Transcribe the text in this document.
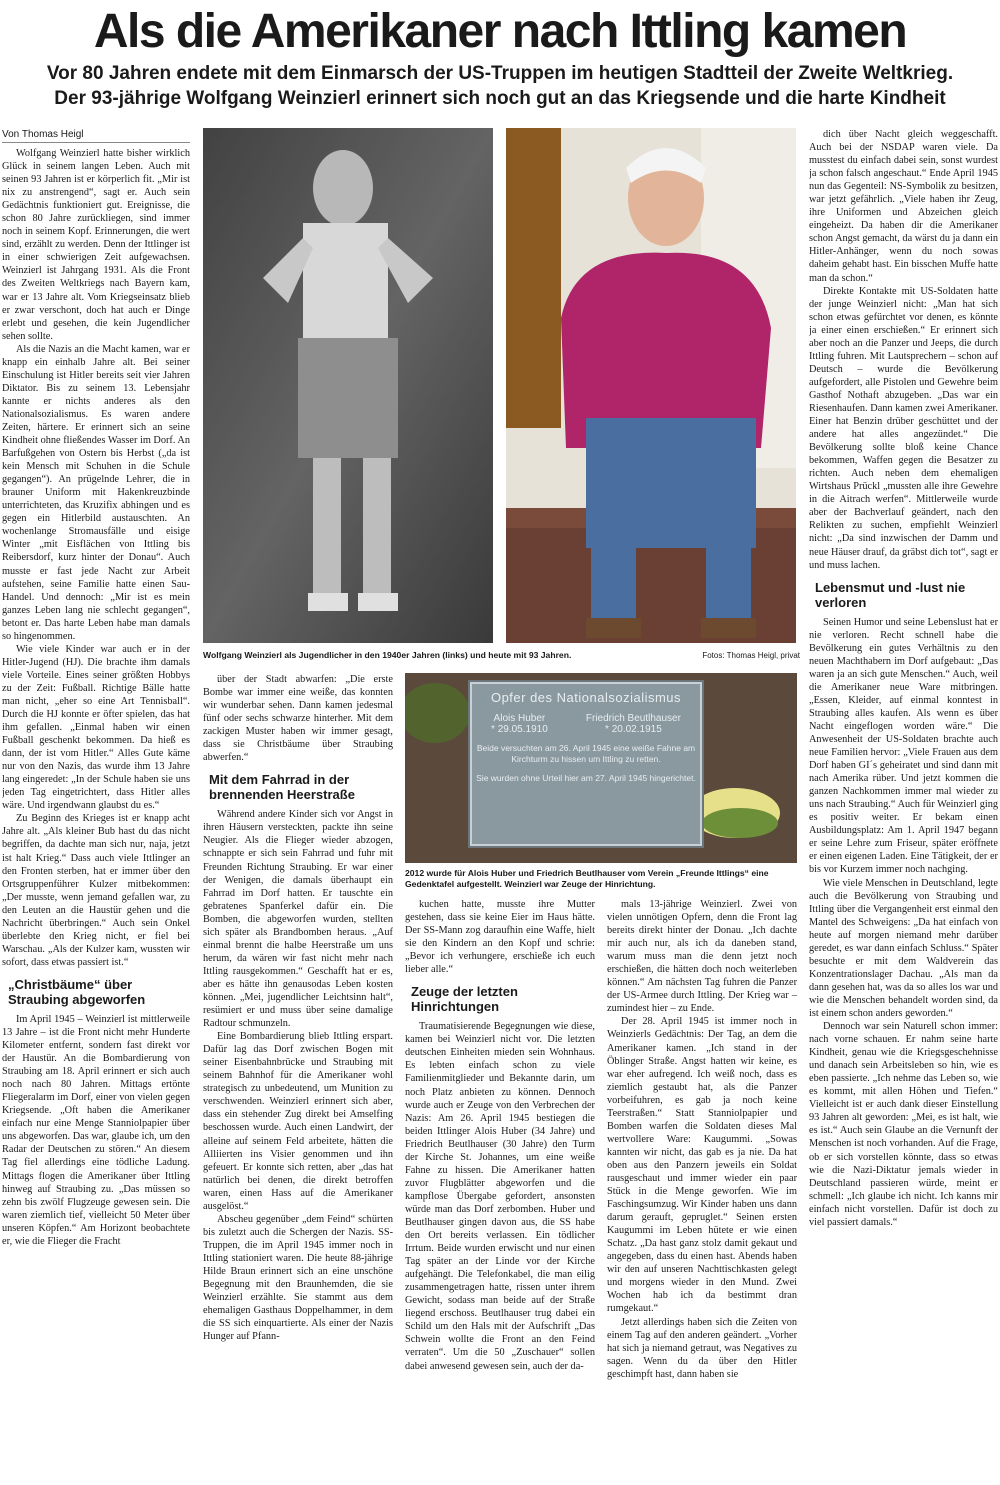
Als die Amerikaner nach Ittling kamen

Vor 80 Jahren endete mit dem Einmarsch der US-Truppen im heutigen Stadtteil der Zweite Weltkrieg.

Der 93-jährige Wolfgang Weinzierl erinnert sich noch gut an das Kriegsende und die harte Kindheit

Von Thomas Heigl

Wolfgang Weinzierl hatte bisher wirklich Glück in seinem langen Leben. Auch mit seinen 93 Jahren ist er körperlich fit. „Mir ist nix zu anstrengend“, sagt er. Auch sein Gedächtnis funktioniert gut. Ereignisse, die schon 80 Jahre zurückliegen, sind immer noch in seinem Kopf. Erinnerungen, die wert sind, erzählt zu werden. Denn der Ittlinger ist in einer schwierigen Zeit aufgewachsen. Weinzierl ist Jahrgang 1931. Als die Front des Zweiten Weltkriegs nach Bayern kam, war er 13 Jahre alt. Vom Kriegseinsatz blieb er zwar verschont, doch hat auch er Dinge erlebt und gesehen, die kein Jugendlicher sehen sollte.

Als die Nazis an die Macht kamen, war er knapp ein einhalb Jahre alt. Bei seiner Einschulung ist Hitler bereits seit vier Jahren Diktator. Bis zu seinem 13. Lebensjahr kannte er nichts anderes als den Nationalsozialismus. Es waren andere Zeiten, härtere. Er erinnert sich an seine Kindheit ohne fließendes Wasser im Dorf. An Barfußgehen von Ostern bis Herbst („da ist kein Mensch mit Schuhen in die Schule gegangen“). An prügelnde Lehrer, die in brauner Uniform mit Hakenkreuzbinde unterrichteten, das Kruzifix abhingen und es gegen ein Hitlerbild austauschten. An wochenlange Stromausfälle und eisige Winter „mit Eisflächen von Ittling bis Reibersdorf, kurz hinter der Donau“. Auch musste er fast jede Nacht zur Arbeit aufstehen, seine Familie hatte einen Sau-Handel. Und dennoch: „Mir ist es mein ganzes Leben lang nie schlecht gegangen“, betont er. Das harte Leben habe man damals so hingenommen.

Wie viele Kinder war auch er in der Hitler-Jugend (HJ). Die brachte ihm damals viele Vorteile. Eines seiner größten Hobbys zu der Zeit: Fußball. Richtige Bälle hatte man nicht, „eher so eine Art Tennisball“. Durch die HJ konnte er öfter spielen, das hat ihm gefallen. „Einmal haben wir einen Fußball geschenkt bekommen. Da hieß es dann, der ist vom Hitler.“ Alles Gute käme nur von den Nazis, das wurde ihm 13 Jahre lang eingeredet: „In der Schule haben sie uns jeden Tag eingetrichtert, dass Hitler alles wäre. Und irgendwann glaubst du es.“

Zu Beginn des Krieges ist er knapp acht Jahre alt. „Als kleiner Bub hast du das nicht begriffen, da dachte man sich nur, naja, jetzt ist halt Krieg.“ Dass auch viele Ittlinger an den Fronten sterben, hat er immer über den Ortsgruppenführer Kulzer mitbekommen: „Der musste, wenn jemand gefallen war, zu den Leuten an die Haustür gehen und die Nachricht überbringen.“ Auch sein Onkel überlebte den Krieg nicht, er fiel bei Warschau. „Als der Kulzer kam, wussten wir sofort, dass etwas passiert ist.“

„Christbäume“ über Straubing abgeworfen

Im April 1945 – Weinzierl ist mittlerweile 13 Jahre – ist die Front nicht mehr Hunderte Kilometer entfernt, sondern fast direkt vor der Haustür. An die Bombardierung von Straubing am 18. April erinnert er sich auch noch nach 80 Jahren. Mittags ertönte Fliegeralarm im Dorf, einer von vielen gegen Kriegsende. „Oft haben die Amerikaner einfach nur eine Menge Stanniolpapier über uns abgeworfen. Das war, glaube ich, um den Radar der Deutschen zu stören.“ An diesem Tag fiel allerdings eine tödliche Ladung. Mittags flogen die Amerikaner über Ittling hinweg auf Straubing zu. „Das müssen so zehn bis zwölf Flugzeuge gewesen sein. Die waren ziemlich tief, vielleicht 50 Meter über unseren Köpfen.“ Am Horizont beobachtete er, wie die Flieger die Fracht

Wolfgang Weinzierl als Jugendlicher in den 1940er Jahren (links) und heute mit 93 Jahren.	Fotos: Thomas Heigl, privat

über der Stadt abwarfen: „Die erste Bombe war immer eine weiße, das konnten wir wunderbar sehen. Dann kamen jedesmal fünf oder sechs schwarze hinterher. Mit dem zackigen Muster haben wir immer gesagt, dass sie Christbäume über Straubing abwerfen.“

Mit dem Fahrrad in der brennenden Heerstraße

Während andere Kinder sich vor Angst in ihren Häusern versteckten, packte ihn seine Neugier. Als die Flieger wieder abzogen, schnappte er sich sein Fahrrad und fuhr mit Freunden Richtung Straubing. Er war einer der Wenigen, die damals überhaupt ein Fahrrad im Dorf hatten. Er tauschte ein gebratenes Spanferkel dafür ein. Die Bomben, die abgeworfen wurden, stellten sich später als Brandbomben heraus. „Auf einmal brennt die halbe Heerstraße um uns herum, da wären wir fast nicht mehr nach Ittling rausgekommen.“ Geschafft hat er es, aber es hätte ihn genausodas Leben kosten können. „Mei, jugendlicher Leichtsinn halt“, resümiert er und muss über seine damalige Radtour schmunzeln.

Eine Bombardierung blieb Ittling erspart. Dafür lag das Dorf zwischen Bogen mit seiner Eisenbahnbrücke und Straubing mit seinem Bahnhof für die Amerikaner wohl strategisch zu unbedeutend, um Munition zu verschwenden. Weinzierl erinnert sich aber, dass ein stehender Zug direkt bei Amselfing beschossen wurde. Auch einen Landwirt, der alleine auf seinem Feld arbeitete, hätten die Alliierten ins Visier genommen und ihn gefeuert. Er konnte sich retten, aber „das hat natürlich bei denen, die direkt betroffen waren, einen Hass auf die Amerikaner ausgelöst.“

Abscheu gegenüber „dem Feind“ schürten bis zuletzt auch die Schergen der Nazis. SS-Truppen, die im April 1945 immer noch in Ittling stationiert waren. Die heute 88-jährige Hilde Braun erinnert sich an eine unschöne Begegnung mit den Braunhemden, die sie Weinzierl erzählte. Sie stammt aus dem ehemaligen Gasthaus Doppelhammer, in dem die SS sich einquartierte. Als einer der Nazis Hunger auf Pfann-

Opfer des Nationalsozialismus
Alois Huber
* 29.05.1910
Friedrich Beutlhauser
* 20.02.1915
Beide versuchten am 26. April 1945 eine weiße Fahne am Kirchturm zu hissen um Ittling zu retten.
Sie wurden ohne Urteil hier am 27. April 1945 hingerichtet.
2012 wurde für Alois Huber und Friedrich Beutlhauser vom Verein „Freunde Ittlings“ eine Gedenktafel aufgestellt. Weinzierl war Zeuge der Hinrichtung.

kuchen hatte, musste ihre Mutter gestehen, dass sie keine Eier im Haus hätte. Der SS-Mann zog daraufhin eine Waffe, hielt sie den Kindern an den Kopf und schrie: „Bevor ich verhungere, erschieße ich euch lieber alle.“

Zeuge der letzten Hinrichtungen

Traumatisierende Begegnungen wie diese, kamen bei Weinzierl nicht vor. Die letzten deutschen Einheiten mieden sein Wohnhaus. Es lebten einfach schon zu viele Familienmitglieder und Bekannte darin, um noch Platz anbieten zu können. Dennoch wurde auch er Zeuge von den Verbrechen der Nazis: Am 26. April 1945 bestiegen die beiden Ittlinger Alois Huber (34 Jahre) und Friedrich Beutlhauser (30 Jahre) den Turm der Kirche St. Johannes, um eine weiße Fahne zu hissen. Die Amerikaner hatten zuvor Flugblätter abgeworfen und die kampflose Übergabe gefordert, ansonsten würde man das Dorf zerbomben. Huber und Beutlhauser gingen davon aus, die SS habe den Ort bereits verlassen. Ein tödlicher Irrtum. Beide wurden erwischt und nur einen Tag später an der Linde vor der Kirche aufgehängt. Die Telefonkabel, die man eilig zusammengetragen hatte, rissen unter ihrem Gewicht, sodass man beide auf der Straße liegend erschoss. Beutlhauser trug dabei ein Schild um den Hals mit der Aufschrift „Das Schwein wollte die Front an den Feind verraten“. Um die 50 „Zuschauer“ sollen dabei anwesend gewesen sein, auch der da-

mals 13-jährige Weinzierl. Zwei von vielen unnötigen Opfern, denn die Front lag bereits direkt hinter der Donau. „Ich dachte mir auch nur, als ich da daneben stand, warum muss man die denn jetzt noch erschießen, die hätten doch noch weiterleben können.“ Am nächsten Tag fuhren die Panzer der US-Armee durch Ittling. Der Krieg war – zumindest hier – zu Ende.

Der 28. April 1945 ist immer noch in Weinzierls Gedächtnis: Der Tag, an dem die Amerikaner kamen. „Ich stand in der Öblinger Straße. Angst hatten wir keine, es war eher aufregend. Ich weiß noch, dass es ziemlich gestaubt hat, als die Panzer vorbeifuhren, es gab ja noch keine Teerstraßen.“ Statt Stanniolpapier und Bomben warfen die Soldaten dieses Mal wertvollere Ware: Kaugummi. „Sowas kannten wir nicht, das gab es ja nie. Da hat oben aus den Panzern jeweils ein Soldat rausgeschaut und immer wieder ein paar Stück in die Menge geworfen. Wie im Faschingsumzug. Wir Kinder haben uns dann darum gerauft, gepruglet.“ Seinen ersten Kaugummi im Leben hütete er wie einen Schatz. „Da hast ganz stolz damit gekaut und angegeben, dass du einen hast. Abends haben wir den auf unseren Nachttischkasten gelegt und morgens wieder in den Mund. Zwei Wochen hab ich da bestimmt dran rumgekaut.“

Jetzt allerdings haben sich die Zeiten von einem Tag auf den anderen geändert. „Vorher hat sich ja niemand getraut, was Negatives zu sagen. Wenn du da über den Hitler geschimpft hast, dann haben sie

dich über Nacht gleich weggeschafft. Auch bei der NSDAP waren viele. Da musstest du einfach dabei sein, sonst wurdest ja schon falsch angeschaut.“ Ende April 1945 nun das Gegenteil: NS-Symbolik zu besitzen, war jetzt gefährlich. „Viele haben ihr Zeug, ihre Uniformen und Abzeichen gleich eingeheizt. Da haben dir die Amerikaner schon Angst gemacht, da wärst du ja dann ein Hitler-Anhänger, wenn du noch sowas daheim gehabt hast. Ein bisschen Muffe hatte man da schon.“

Direkte Kontakte mit US-Soldaten hatte der junge Weinzierl nicht: „Man hat sich schon etwas gefürchtet vor denen, es könnte ja einer einen erschießen.“ Er erinnert sich aber noch an die Panzer und Jeeps, die durch Ittling fuhren. Mit Lautsprechern – schon auf Deutsch – wurde die Bevölkerung aufgefordert, alle Pistolen und Gewehre beim Gasthof Nothaft abzugeben. „Das war ein Riesenhaufen. Dann kamen zwei Amerikaner. Einer hat Benzin drüber geschüttet und der andere hat alles angezündet.“ Die Bevölkerung sollte bloß keine Chance bekommen, Waffen gegen die Besatzer zu richten. Auch neben dem ehemaligen Wirtshaus Prückl „mussten alle ihre Gewehre in die Aitrach werfen“. Mittlerweile wurde aber der Bachverlauf geändert, nach den Relikten zu suchen, empfiehlt Weinzierl nicht: „Da sind inzwischen der Damm und neue Häuser drauf, da gräbst dich tot“, sagt er und muss lachen.

Lebensmut und -lust nie verloren

Seinen Humor und seine Lebenslust hat er nie verloren. Recht schnell habe die Bevölkerung ein gutes Verhältnis zu den neuen Machthabern im Dorf aufgebaut: „Das waren ja an sich gute Menschen.“ Auch, weil die Amerikaner neue Ware mitbringen. „Essen, Kleider, auf einmal konntest in Straubing alles kaufen. Als wenn es über Nacht eingeflogen worden wäre.“ Die Anwesenheit der US-Soldaten brachte auch neue Familien hervor: „Viele Frauen aus dem Dorf haben GI´s geheiratet und sind dann mit nach Amerika rüber. Und jetzt kommen die ganzen Nachkommen immer mal wieder zu uns nach Straubing.“ Auch für Weinzierl ging es positiv weiter. Er bekam einen Ausbildungsplatz: Am 1. April 1947 begann er seine Lehre zum Friseur, später eröffnete er einen eigenen Laden. Eine Tätigkeit, der er bis vor Kurzem immer noch nachging.

Wie viele Menschen in Deutschland, legte auch die Bevölkerung von Straubing und Ittling über die Vergangenheit erst einmal den Mantel des Schweigens: „Da hat einfach von heute auf morgen niemand mehr darüber geredet, es war dann einfach Schluss.“ Später besuchte er mit dem Waldverein das Konzentrationslager Dachau. „Als man da dann gesehen hat, was da so alles los war und wie die Menschen behandelt worden sind, da ist einem schon anders geworden.“

Dennoch war sein Naturell schon immer: nach vorne schauen. Er nahm seine harte Kindheit, genau wie die Kriegsgeschehnisse und danach sein Arbeitsleben so hin, wie es eben passierte. „Ich nehme das Leben so, wie es kommt, mit allen Höhen und Tiefen.“ Vielleicht ist er auch dank dieser Einstellung 93 Jahren alt geworden: „Mei, es ist halt, wie es ist.“ Auch sein Glaube an die Vernunft der Menschen ist noch vorhanden. Auf die Frage, ob er sich vorstellen könnte, dass so etwas wie die Nazi-Diktatur jemals wieder in Deutschland passieren würde, meint er schmell: „Ich glaube ich nicht. Ich kanns mir einfach nicht vorstellen. Dafür ist doch zu viel passiert damals.“
